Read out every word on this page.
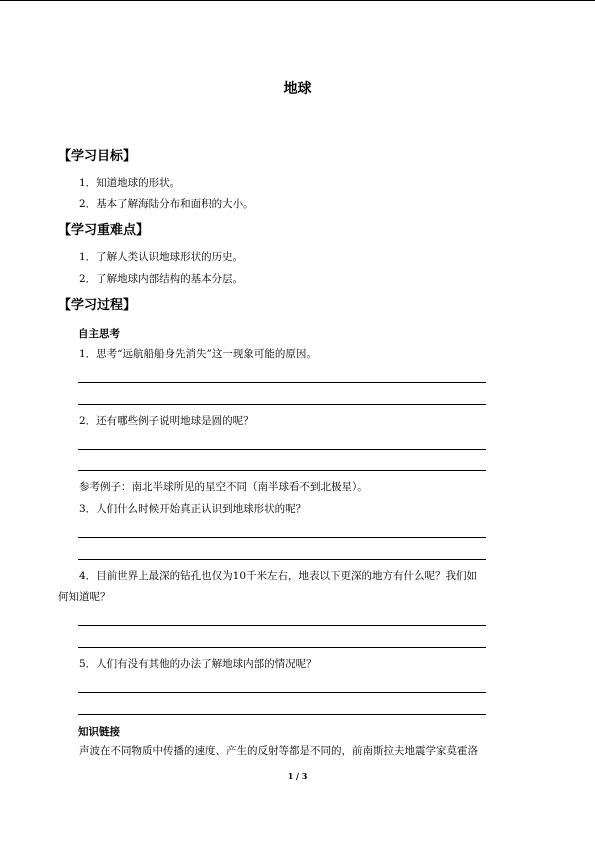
地球
【学习目标】
1．知道地球的形状。
2．基本了解海陆分布和面积的大小。
【学习重难点】
1．了解人类认识地球形状的历史。
2．了解地球内部结构的基本分层。
【学习过程】
自主思考
1．思考“远航船船身先消失”这一现象可能的原因。
2．还有哪些例子说明地球是圆的呢？
参考例子：南北半球所见的星空不同（南半球看不到北极星）。
3．人们什么时候开始真正认识到地球形状的呢？
4．目前世界上最深的钻孔也仅为10千米左右，地表以下更深的地方有什么呢？我们如
何知道呢？
5．人们有没有其他的办法了解地球内部的情况呢？
知识链接
声波在不同物质中传播的速度、产生的反射等都是不同的，前南斯拉夫地震学家莫霍洛
1 / 3
